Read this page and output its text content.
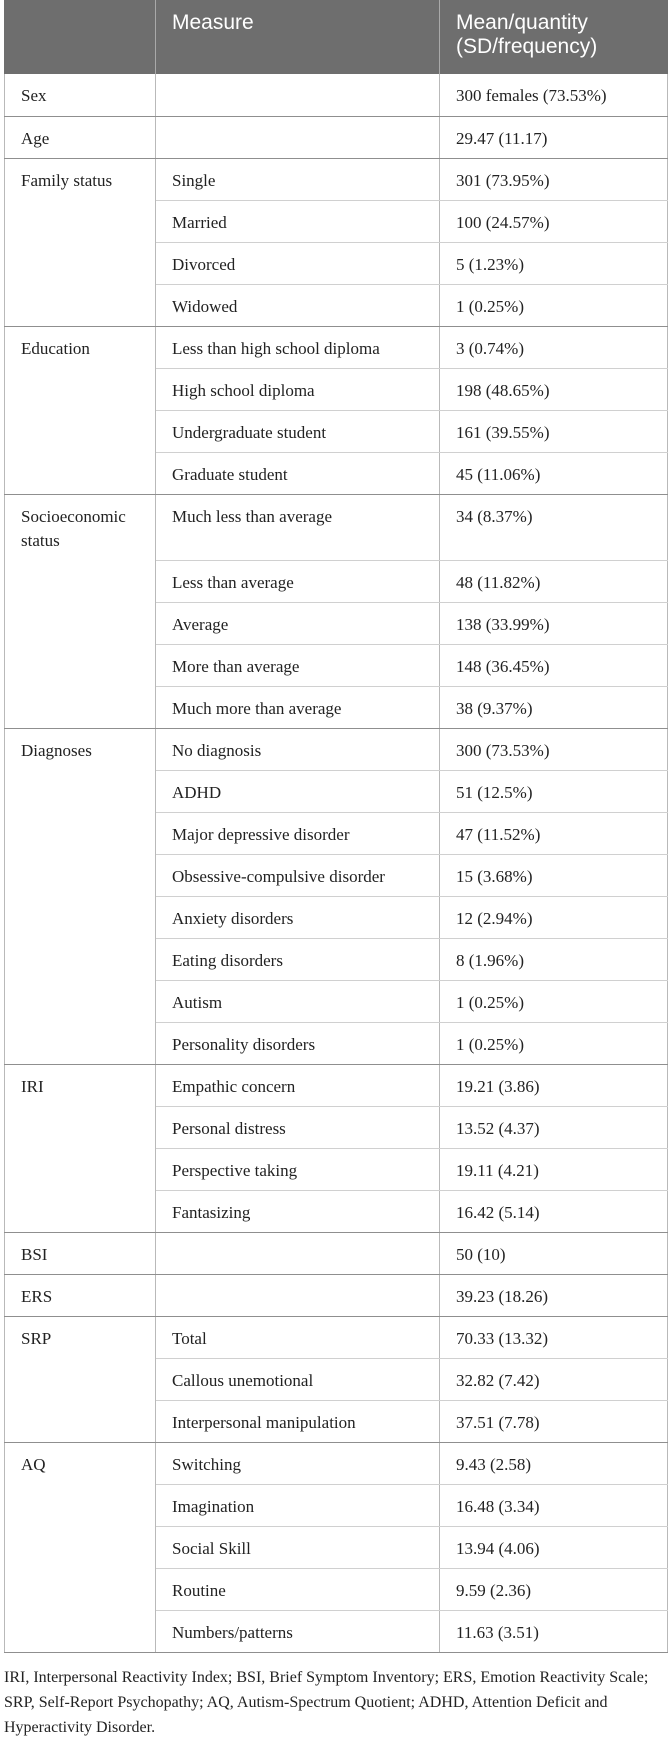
	Measure	Mean/quantity
(SD/frequency)
Sex		300 females (73.53%)
Age		29.47 (11.17)
Family status	Single	301 (73.95%)
	Married	100 (24.57%)
	Divorced	5 (1.23%)
	Widowed	1 (0.25%)
Education	Less than high school diploma	3 (0.74%)
	High school diploma	198 (48.65%)
	Undergraduate student	161 (39.55%)
	Graduate student	45 (11.06%)
Socioeconomic status	Much less than average	34 (8.37%)
	Less than average	48 (11.82%)
	Average	138 (33.99%)
	More than average	148 (36.45%)
	Much more than average	38 (9.37%)
Diagnoses	No diagnosis	300 (73.53%)
	ADHD	51 (12.5%)
	Major depressive disorder	47 (11.52%)
	Obsessive-compulsive disorder	15 (3.68%)
	Anxiety disorders	12 (2.94%)
	Eating disorders	8 (1.96%)
	Autism	1 (0.25%)
	Personality disorders	1 (0.25%)
IRI	Empathic concern	19.21 (3.86)
	Personal distress	13.52 (4.37)
	Perspective taking	19.11 (4.21)
	Fantasizing	16.42 (5.14)
BSI		50 (10)
ERS		39.23 (18.26)
SRP	Total	70.33 (13.32)
	Callous unemotional	32.82 (7.42)
	Interpersonal manipulation	37.51 (7.78)
AQ	Switching	9.43 (2.58)
	Imagination	16.48 (3.34)
	Social Skill	13.94 (4.06)
	Routine	9.59 (2.36)
	Numbers/patterns	11.63 (3.51)
IRI, Interpersonal Reactivity Index; BSI, Brief Symptom Inventory; ERS, Emotion Reactivity Scale; SRP, Self-Report Psychopathy; AQ, Autism-Spectrum Quotient; ADHD, Attention Deficit and Hyperactivity Disorder.
